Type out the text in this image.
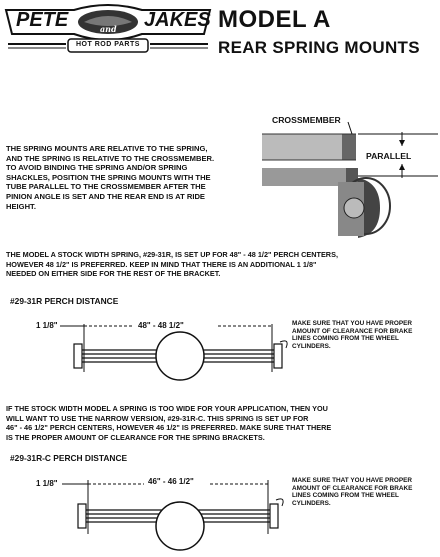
PETE	and JAKES
HOT ROD PARTS
MODEL A
REAR SPRING MOUNTS
CROSSMEMBER
PARALLEL
THE SPRING MOUNTS ARE RELATIVE TO THE SPRING,
AND THE SPRING IS RELATIVE TO THE CROSSMEMBER.
TO AVOID BINDING THE SPRING AND/OR SPRING
SHACKLES, POSITION THE SPRING MOUNTS WITH THE
TUBE PARALLEL TO THE CROSSMEMBER AFTER THE
PINION ANGLE IS SET AND THE REAR END IS AT RIDE
HEIGHT.
THE MODEL A STOCK WIDTH SPRING, #29-31R, IS SET UP FOR 48" - 48 1/2" PERCH CENTERS,
HOWEVER 48 1/2" IS PREFERRED. KEEP IN MIND THAT THERE IS AN ADDITIONAL 1 1/8"
NEEDED ON EITHER SIDE FOR THE REST OF THE BRACKET.
#29-31R PERCH DISTANCE
1 1/8"	48" - 48 1/2"	MAKE SURE THAT YOU HAVE PROPER
AMOUNT OF CLEARANCE FOR BRAKE
LINES COMING FROM THE WHEEL
CYLINDERS.
IF THE STOCK WIDTH MODEL A SPRING IS TOO WIDE FOR YOUR APPLICATION, THEN YOU
WILL WANT TO USE THE NARROW VERSION, #29-31R-C. THIS SPRING IS SET UP FOR
46" - 46 1/2" PERCH CENTERS, HOWEVER 46 1/2" IS PREFERRED. MAKE SURE THAT THERE
IS THE PROPER AMOUNT OF CLEARANCE FOR THE SPRING BRACKETS.
#29-31R-C PERCH DISTANCE
1 1/8"	46" - 46 1/2"	MAKE SURE THAT YOU HAVE PROPER
AMOUNT OF CLEARANCE FOR BRAKE
LINES COMING FROM THE WHEEL
CYLINDERS.
